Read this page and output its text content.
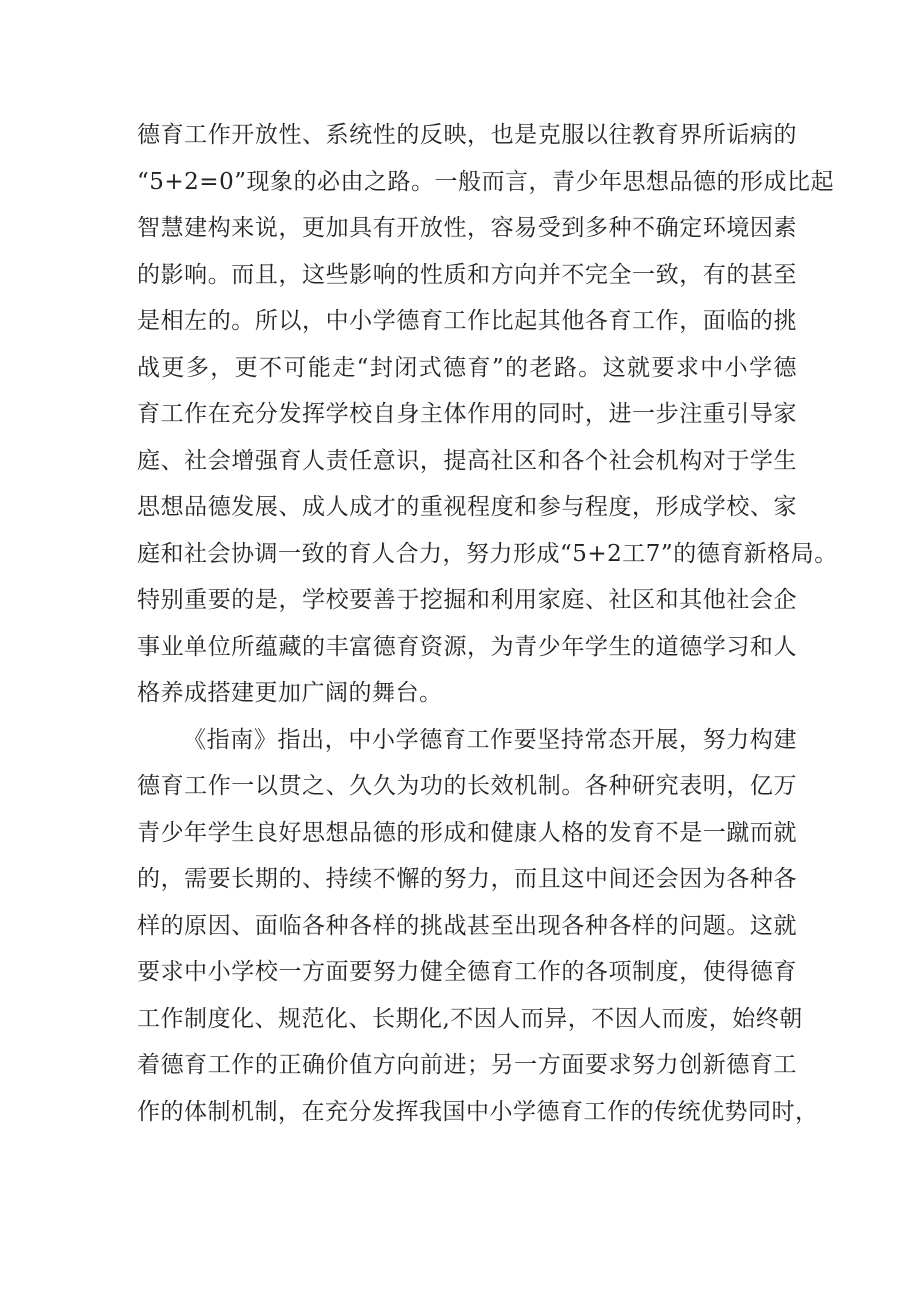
德育工作开放性、系统性的反映，也是克服以往教育界所诟病的
“5+2=0”现象的必由之路。一般而言，青少年思想品德的形成比起
智慧建构来说，更加具有开放性，容易受到多种不确定环境因素
的影响。而且，这些影响的性质和方向并不完全一致，有的甚至
是相左的。所以，中小学德育工作比起其他各育工作，面临的挑
战更多，更不可能走“封闭式德育”的老路。这就要求中小学德
育工作在充分发挥学校自身主体作用的同时，进一步注重引导家
庭、社会增强育人责任意识，提高社区和各个社会机构对于学生
思想品德发展、成人成才的重视程度和参与程度，形成学校、家
庭和社会协调一致的育人合力，努力形成“5+2工7”的德育新格局。
特别重要的是，学校要善于挖掘和利用家庭、社区和其他社会企
事业单位所蕴藏的丰富德育资源，为青少年学生的道德学习和人
格养成搭建更加广阔的舞台。
《指南》指出，中小学德育工作要坚持常态开展，努力构建
德育工作一以贯之、久久为功的长效机制。各种研究表明，亿万
青少年学生良好思想品德的形成和健康人格的发育不是一蹴而就
的，需要长期的、持续不懈的努力，而且这中间还会因为各种各
样的原因、面临各种各样的挑战甚至出现各种各样的问题。这就
要求中小学校一方面要努力健全德育工作的各项制度，使得德育
工作制度化、规范化、长期化,不因人而异，不因人而废，始终朝
着德育工作的正确价值方向前进；另一方面要求努力创新德育工
作的体制机制，在充分发挥我国中小学德育工作的传统优势同时，
